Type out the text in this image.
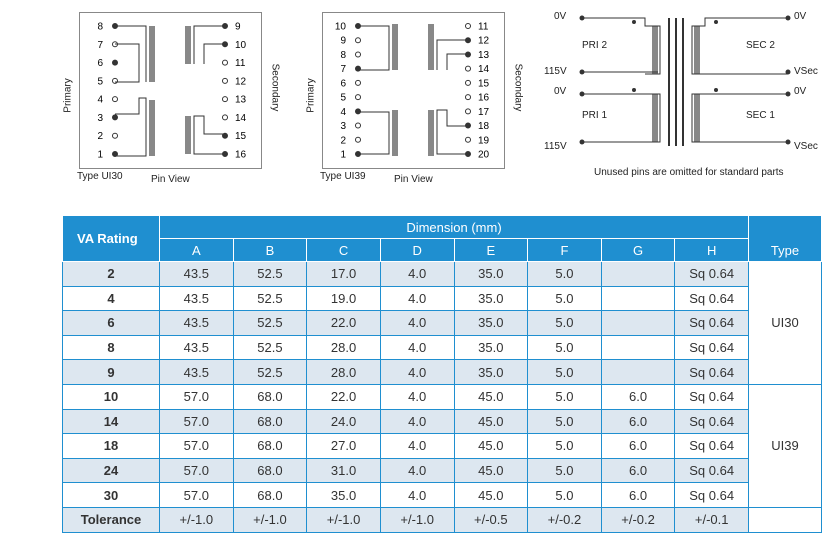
8
7
6
5
4
3
2
1
9
10
11
12
13
14
15
16
Primary	Secondary
Type UI30	Pin View
10
9
8
7
6
5
4
3
2
1
11
12
13
14
15
16
17
18
19
20
Primary	Secondary
Type UI39	Pin View
0V
PRI 2
115V
0V
PRI 1
115V
0V
SEC 2
VSec
0V
SEC 1
VSec
Unused pins are omitted for standard parts
VA Rating	Dimension (mm)								Type
	A	B	C	D	E	F	G	H	
2	43.5	52.5	17.0	4.0	35.0	5.0		Sq 0.64	UI30
4	43.5	52.5	19.0	4.0	35.0	5.0		Sq 0.64	
6	43.5	52.5	22.0	4.0	35.0	5.0		Sq 0.64	
8	43.5	52.5	28.0	4.0	35.0	5.0		Sq 0.64	
9	43.5	52.5	28.0	4.0	35.0	5.0		Sq 0.64	
10	57.0	68.0	22.0	4.0	45.0	5.0	6.0	Sq 0.64	UI39
14	57.0	68.0	24.0	4.0	45.0	5.0	6.0	Sq 0.64	
18	57.0	68.0	27.0	4.0	45.0	5.0	6.0	Sq 0.64	
24	57.0	68.0	31.0	4.0	45.0	5.0	6.0	Sq 0.64	
30	57.0	68.0	35.0	4.0	45.0	5.0	6.0	Sq 0.64	
Tolerance	+/-1.0	+/-1.0	+/-1.0	+/-1.0	+/-0.5	+/-0.2	+/-0.2	+/-0.1	
